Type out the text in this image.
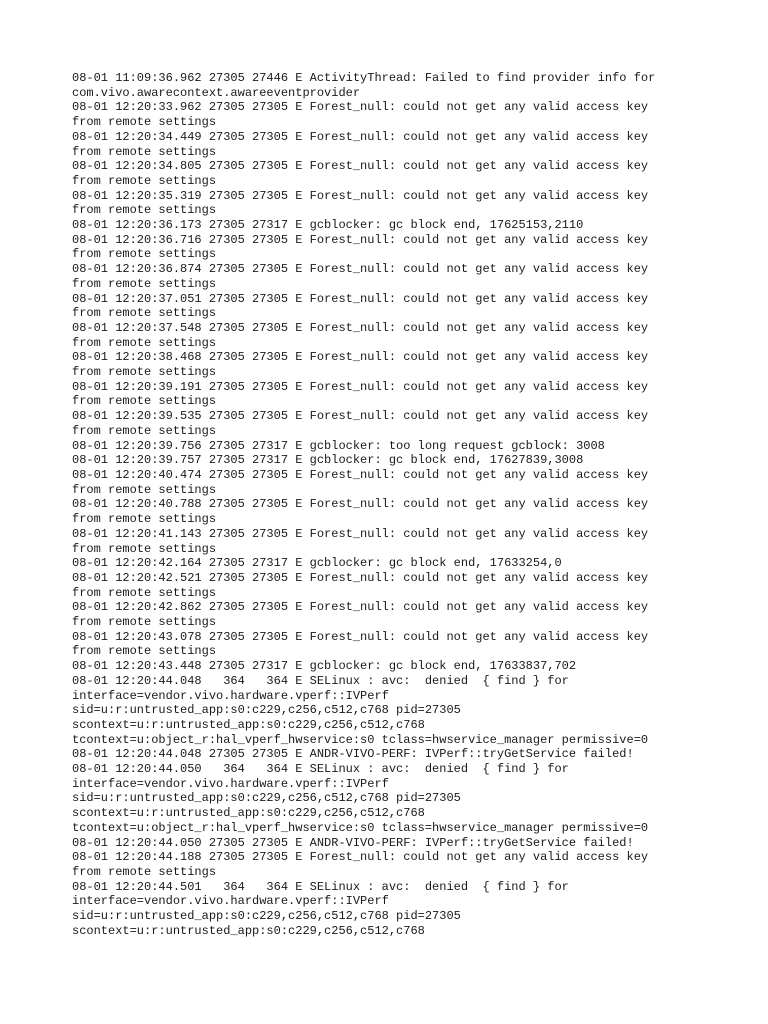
08-01 11:09:36.962 27305 27446 E ActivityThread: Failed to find provider info for
com.vivo.awarecontext.awareeventprovider
08-01 12:20:33.962 27305 27305 E Forest_null: could not get any valid access key
from remote settings
08-01 12:20:34.449 27305 27305 E Forest_null: could not get any valid access key
from remote settings
08-01 12:20:34.805 27305 27305 E Forest_null: could not get any valid access key
from remote settings
08-01 12:20:35.319 27305 27305 E Forest_null: could not get any valid access key
from remote settings
08-01 12:20:36.173 27305 27317 E gcblocker: gc block end, 17625153,2110
08-01 12:20:36.716 27305 27305 E Forest_null: could not get any valid access key
from remote settings
08-01 12:20:36.874 27305 27305 E Forest_null: could not get any valid access key
from remote settings
08-01 12:20:37.051 27305 27305 E Forest_null: could not get any valid access key
from remote settings
08-01 12:20:37.548 27305 27305 E Forest_null: could not get any valid access key
from remote settings
08-01 12:20:38.468 27305 27305 E Forest_null: could not get any valid access key
from remote settings
08-01 12:20:39.191 27305 27305 E Forest_null: could not get any valid access key
from remote settings
08-01 12:20:39.535 27305 27305 E Forest_null: could not get any valid access key
from remote settings
08-01 12:20:39.756 27305 27317 E gcblocker: too long request gcblock: 3008
08-01 12:20:39.757 27305 27317 E gcblocker: gc block end, 17627839,3008
08-01 12:20:40.474 27305 27305 E Forest_null: could not get any valid access key
from remote settings
08-01 12:20:40.788 27305 27305 E Forest_null: could not get any valid access key
from remote settings
08-01 12:20:41.143 27305 27305 E Forest_null: could not get any valid access key
from remote settings
08-01 12:20:42.164 27305 27317 E gcblocker: gc block end, 17633254,0
08-01 12:20:42.521 27305 27305 E Forest_null: could not get any valid access key
from remote settings
08-01 12:20:42.862 27305 27305 E Forest_null: could not get any valid access key
from remote settings
08-01 12:20:43.078 27305 27305 E Forest_null: could not get any valid access key
from remote settings
08-01 12:20:43.448 27305 27317 E gcblocker: gc block end, 17633837,702
08-01 12:20:44.048   364   364 E SELinux : avc:  denied  { find } for
interface=vendor.vivo.hardware.vperf::IVPerf
sid=u:r:untrusted_app:s0:c229,c256,c512,c768 pid=27305
scontext=u:r:untrusted_app:s0:c229,c256,c512,c768
tcontext=u:object_r:hal_vperf_hwservice:s0 tclass=hwservice_manager permissive=0
08-01 12:20:44.048 27305 27305 E ANDR-VIVO-PERF: IVPerf::tryGetService failed!
08-01 12:20:44.050   364   364 E SELinux : avc:  denied  { find } for
interface=vendor.vivo.hardware.vperf::IVPerf
sid=u:r:untrusted_app:s0:c229,c256,c512,c768 pid=27305
scontext=u:r:untrusted_app:s0:c229,c256,c512,c768
tcontext=u:object_r:hal_vperf_hwservice:s0 tclass=hwservice_manager permissive=0
08-01 12:20:44.050 27305 27305 E ANDR-VIVO-PERF: IVPerf::tryGetService failed!
08-01 12:20:44.188 27305 27305 E Forest_null: could not get any valid access key
from remote settings
08-01 12:20:44.501   364   364 E SELinux : avc:  denied  { find } for
interface=vendor.vivo.hardware.vperf::IVPerf
sid=u:r:untrusted_app:s0:c229,c256,c512,c768 pid=27305
scontext=u:r:untrusted_app:s0:c229,c256,c512,c768
